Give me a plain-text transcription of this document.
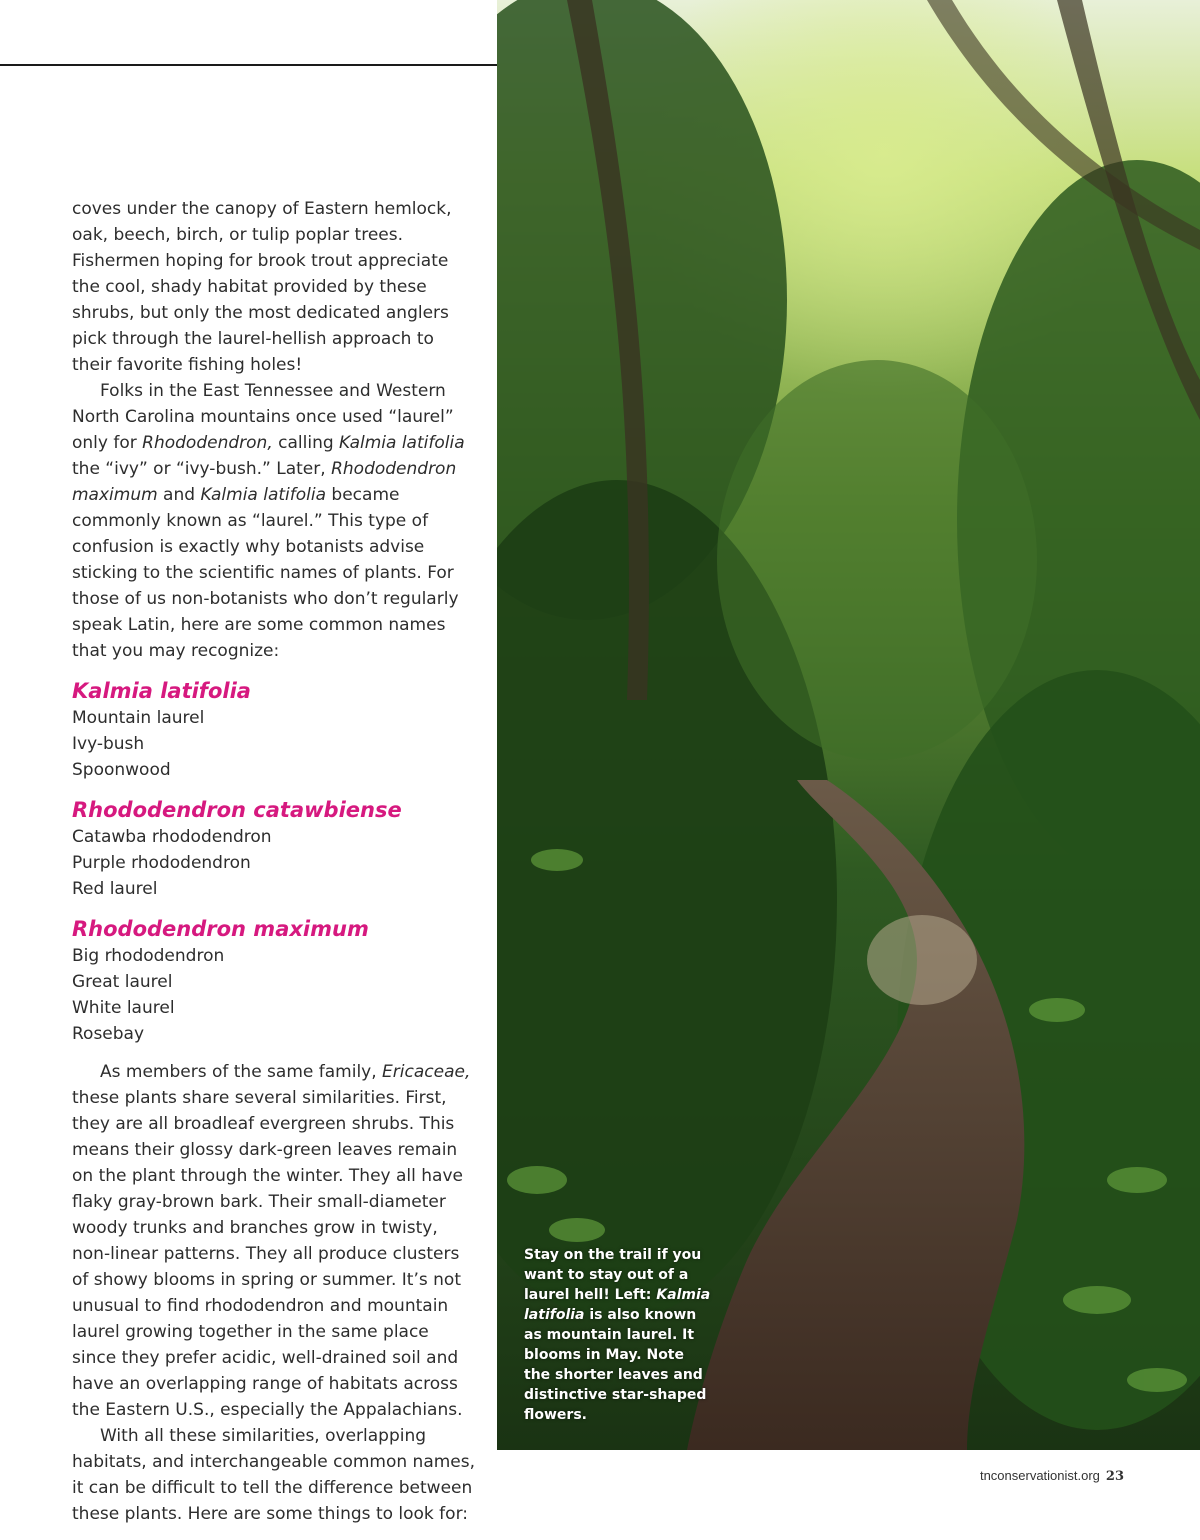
coves under the canopy of Eastern hemlock, oak, beech, birch, or tulip poplar trees. Fishermen hoping for brook trout appreciate the cool, shady habitat provided by these shrubs, but only the most dedicated anglers pick through the laurel-hellish approach to their favorite fishing holes!

Folks in the East Tennessee and Western North Carolina mountains once used “laurel” only for Rhododendron, calling Kalmia latifolia the “ivy” or “ivy-bush.” Later, Rhododendron maximum and Kalmia latifolia became commonly known as “laurel.” This type of confusion is exactly why botanists advise sticking to the scientific names of plants. For those of us non-botanists who don’t regularly speak Latin, here are some common names that you may recognize:

Kalmia latifolia
Mountain laurel
Ivy-bush
Spoonwood
Rhododendron catawbiense
Catawba rhododendron
Purple rhododendron
Red laurel
Rhododendron maximum
Big rhododendron
Great laurel
White laurel
Rosebay

As members of the same family, Ericaceae, these plants share several similarities. First, they are all broadleaf evergreen shrubs. This means their glossy dark-green leaves remain on the plant through the winter. They all have flaky gray-brown bark. Their small-diameter woody trunks and branches grow in twisty, non-linear patterns. They all produce clusters of showy blooms in spring or summer. It’s not unusual to find rhododendron and mountain laurel growing together in the same place since they prefer acidic, well-drained soil and have an overlapping range of habitats across the Eastern U.S., especially the Appalachians.

With all these similarities, overlapping habitats, and interchangeable common names, it can be difficult to tell the difference between these plants. Here are some things to look for:

Stay on the trail if you want to stay out of a laurel hell! Left: Kalmia latifolia is also known as mountain laurel. It blooms in May. Note the shorter leaves and distinctive star-shaped flowers.
tnconservationist.org 23
